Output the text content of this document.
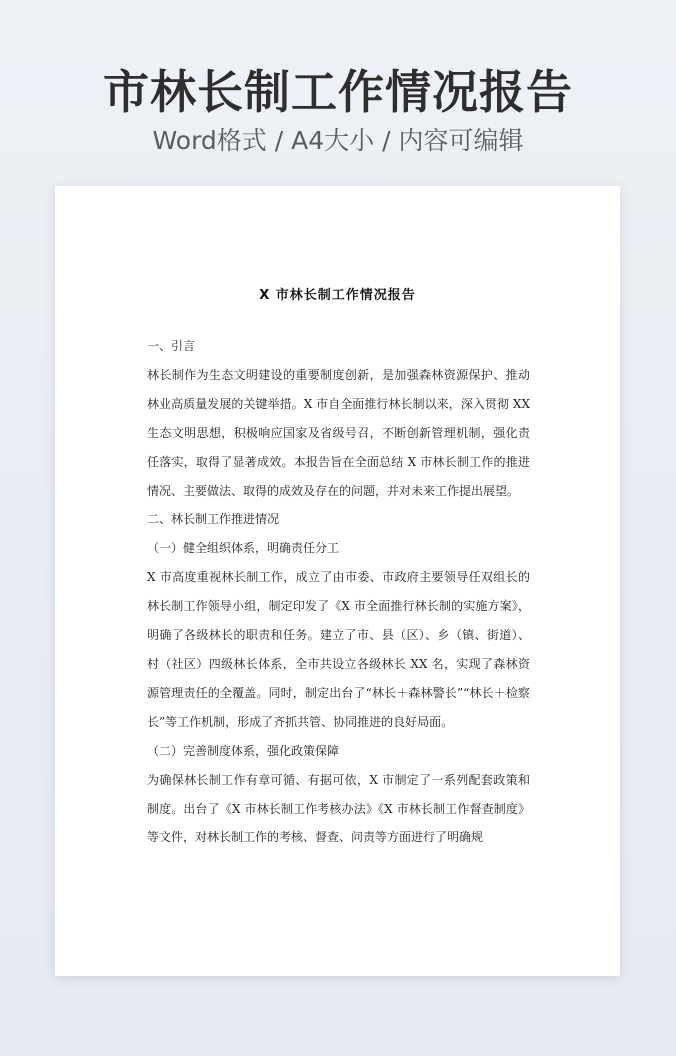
市林长制工作情况报告
Word格式 / A4大小 / 内容可编辑
X 市林长制工作情况报告

一、引言

林长制作为生态文明建设的重要制度创新，是加强森林资源保护、推动林业高质量发展的关键举措。X 市自全面推行林长制以来，深入贯彻 XX 生态文明思想，积极响应国家及省级号召，不断创新管理机制，强化责任落实，取得了显著成效。本报告旨在全面总结 X 市林长制工作的推进情况、主要做法、取得的成效及存在的问题，并对未来工作提出展望。

二、林长制工作推进情况

（一）健全组织体系，明确责任分工

X 市高度重视林长制工作，成立了由市委、市政府主要领导任双组长的林长制工作领导小组，制定印发了《X 市全面推行林长制的实施方案》，明确了各级林长的职责和任务。建立了市、县（区）、乡（镇、街道）、村（社区）四级林长体系，全市共设立各级林长 XX 名，实现了森林资源管理责任的全覆盖。同时，制定出台了“林长＋森林警长”“林长＋检察长”等工作机制，形成了齐抓共管、协同推进的良好局面。

（二）完善制度体系，强化政策保障

为确保林长制工作有章可循、有据可依，X 市制定了一系列配套政策和制度。出台了《X 市林长制工作考核办法》《X 市林长制工作督查制度》等文件，对林长制工作的考核、督查、问责等方面进行了明确规
